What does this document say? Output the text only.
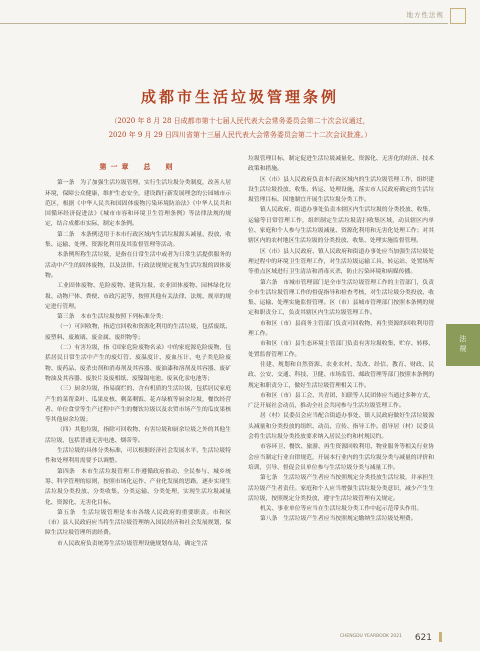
地方性法规
成都市生活垃圾管理条例
（2020 年 8 月 28 日成都市第十七届人民代表大会常务委员会第二十次会议通过，
2020 年 9 月 29 日四川省第十三届人民代表大会常务委员会第二十二次会议批准。）
第一章　总　则

第一条　为了加强生活垃圾管理，实行生活垃圾分类制度，改善人居环境，保障公众健康，维护生态安全，建设践行新发展理念的公园城市示范区，根据《中华人民共和国固体废物污染环境防治法》《中华人民共和国循环经济促进法》《城市市容和环境卫生管理条例》等法律法规的规定，结合成都市实际，制定本条例。

第二条　本条例适用于本市行政区域内生活垃圾源头减量、投放、收集、运输、处理、资源化利用及其监督管理等活动。

本条例所称生活垃圾，是指在日常生活中或者为日常生活提供服务的活动中产生的固体废物，以及法律、行政法规规定视为生活垃圾的固体废物。

工业固体废物、危险废物、建筑垃圾、农业固体废物、园林绿化垃圾、动物尸体、粪便、市政污泥等，按照其他有关法律、法规、规章的规定进行管理。

第三条　本市生活垃圾按照下列标准分类：

（一）可回收物，指适宜回收和资源化利用的生活垃圾，包括废纸、废塑料、废玻璃、废金属、废织物等；

（二）有害垃圾，指《国家危险废物名录》中的家庭源危险废物，包括居民日常生活中产生的废灯管、废温度计、废血压计、电子类危险废物、废药品、废杀虫剂和消毒剂及其容器、废油漆和溶剂及其容器、废矿物油及其容器、废胶片及废相纸、废镍镉电池、废氧化汞电池等；

（三）厨余垃圾，指易腐烂的、含有机质的生活垃圾，包括居民家庭产生的菜帮菜叶、瓜果皮核、剩菜剩饭、花卉绿植等厨余垃圾，餐饮经营者、单位食堂等生产过程中产生的餐饮垃圾以及农贸市场产生的瓜皮果核等其他厨余垃圾；

（四）其他垃圾，指除可回收物、有害垃圾和厨余垃圾之外的其他生活垃圾，包括普通无害电池、烟蒂等。

生活垃圾的具体分类标准，可以根据经济社会发展水平、生活垃圾特性和处理利用需要予以调整。

第四条　本市生活垃圾管理工作遵循政府推动、全民参与、城乡统筹、科学管理的原则，按照市场化运作、产业化发展的思路，逐步实现生活垃圾分类投放、分类收集、分类运输、分类处理，实现生活垃圾减量化、资源化、无害化目标。

第五条　生活垃圾管理是本市各级人民政府的重要职责。市和区（市）县人民政府应当将生活垃圾管理纳入国民经济和社会发展规划，保障生活垃圾管理所需经费。

市人民政府负责统筹生活垃圾管理设施规划布局，确定生活

垃圾管理目标，制定促进生活垃圾减量化、资源化、无害化的经济、技术政策和措施。

区（市）县人民政府负责本行政区域内的生活垃圾管理工作，组织建设生活垃圾投放、收集、转运、处理设施，落实市人民政府确定的生活垃圾管理目标，因地制宜开展生活垃圾分类工作。

镇人民政府、街道办事处负责本辖区内生活垃圾的分类投放、收集、运输等日常管理工作，组织制定生活垃圾清扫收集区域，动员辖区内单位、家庭和个人参与生活垃圾减量、资源化利用和无害化处理工作；对其辖区内的农村地区生活垃圾的分类投放、收集、处理实施监督管理。

区（市）县人民政府、镇人民政府和街道办事处应当加强生活垃圾处理过程中的环境卫生管理工作，对生活垃圾运输工具、转运站、处置场所等重点区域进行卫生清洁和消毒灭杀，防止污染环境和病媒传播。

第六条　市城市管理部门是全市生活垃圾管理工作的主管部门，负责全市生活垃圾管理工作的督促指导和检查考核，对生活垃圾分类投放、收集、运输、处理实施监督管理。区（市）县城市管理部门按照本条例的规定和职责分工，负责其辖区内生活垃圾管理工作。

市和区（市）县商务主管部门负责可回收物、再生资源的回收利用管理工作。

市和区（市）县生态环境主管部门负责有害垃圾收集、贮存、转移、处置监督管理工作。

住建、规划和自然资源、农业农村、发改、经信、教育、财政、民政、公安、交通、科技、卫健、市场监管、邮政管理等部门按照本条例的规定和职责分工，做好生活垃圾管理相关工作。

市和区（市）县工会、共青团、妇联等人民团体应当通过多种方式，广泛开展社会动员，推动全社会共同参与生活垃圾管理工作。

居（村）民委员会应当配合街道办事处、镇人民政府做好生活垃圾源头减量和分类投放的组织、动员、宣传、指导工作。倡导居（村）民委员会将生活垃圾分类投放要求纳入居民公约和村规民约。

市容环卫、餐饮、旅游、再生资源回收利用、物业服务等相关行业协会应当制定行业自律规范，开展本行业内的生活垃圾分类与减量的评价和培训，引导、督促会员单位参与生活垃圾分类与减量工作。

第七条　生活垃圾产生者应当按照规定分类投放生活垃圾，并承担生活垃圾产生者责任。家庭和个人应当增强生活垃圾分类意识，减少产生生活垃圾，按照规定分类投放，遵守生活垃圾管理有关规定。

机关、事业单位等应当在生活垃圾分类工作中起示范带头作用。

第八条　生活垃圾产生者应当按照规定缴纳生活垃圾处理费。

法规
CHENGDU YEARBOOK 2021 621
